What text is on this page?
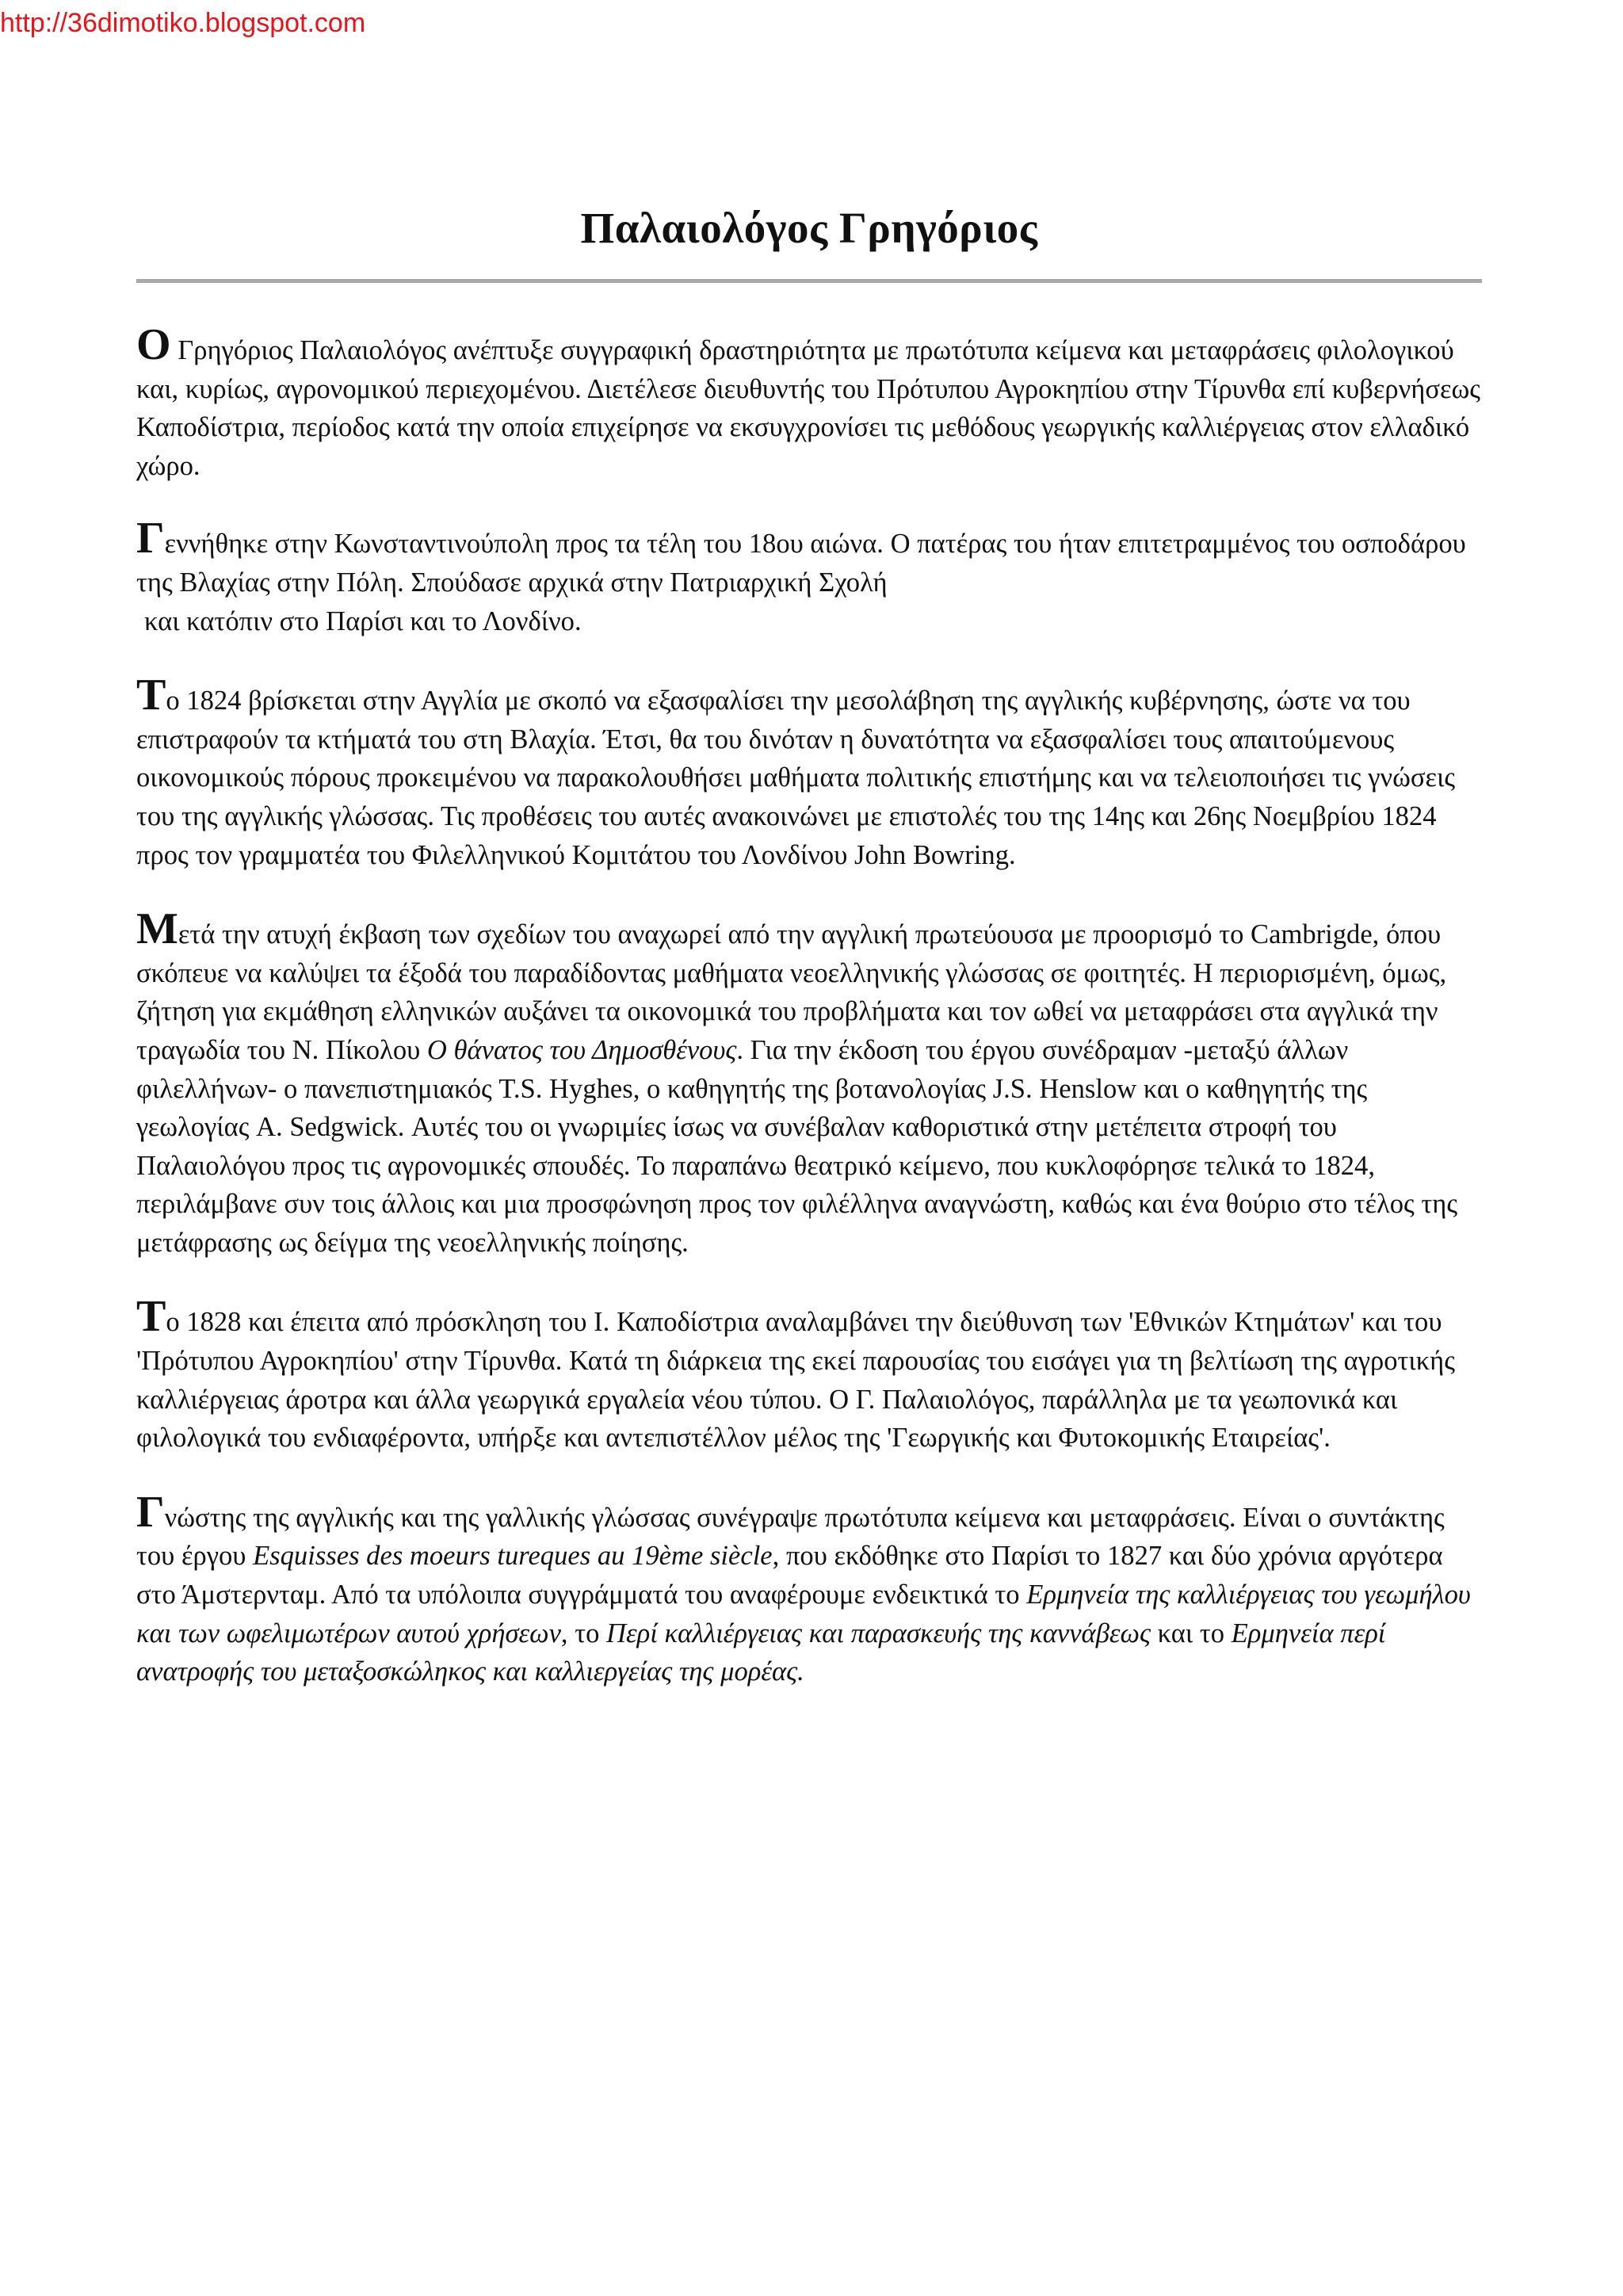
http://36dimotiko.blogspot.com
Παλαιολόγος Γρηγόριος

Ο Γρηγόριος Παλαιολόγος ανέπτυξε συγγραφική δραστηριότητα με πρωτότυπα κείμενα και μεταφράσεις φιλολογικού και, κυρίως, αγρονομικού περιεχομένου. Διετέλεσε διευθυντής του Πρότυπου Αγροκηπίου στην Τίρυνθα επί κυβερνήσεως Καποδίστρια, περίοδος κατά την οποία επιχείρησε να εκσυγχρονίσει τις μεθόδους γεωργικής καλλιέργειας στον ελλαδικό χώρο.

Γεννήθηκε στην Κωνσταντινούπολη προς τα τέλη του 18ου αιώνα. Ο πατέρας του ήταν επιτετραμμένος του οσποδάρου της Βλαχίας στην Πόλη. Σπούδασε αρχικά στην Πατριαρχική Σχολή
και κατόπιν στο Παρίσι και το Λονδίνο.

Το 1824 βρίσκεται στην Αγγλία με σκοπό να εξασφαλίσει την μεσολάβηση της αγγλικής κυβέρνησης, ώστε να του επιστραφούν τα κτήματά του στη Βλαχία. Έτσι, θα του δινόταν η δυνατότητα να εξασφαλίσει τους απαιτούμενους οικονομικούς πόρους προκειμένου να παρακολουθήσει μαθήματα πολιτικής επιστήμης και να τελειοποιήσει τις γνώσεις του της αγγλικής γλώσσας. Τις προθέσεις του αυτές ανακοινώνει με επιστολές του της 14ης και 26ης Νοεμβρίου 1824 προς τον γραμματέα του Φιλελληνικού Κομιτάτου του Λονδίνου John Bowring.

Μετά την ατυχή έκβαση των σχεδίων του αναχωρεί από την αγγλική πρωτεύουσα με προορισμό το Cambrigde, όπου σκόπευε να καλύψει τα έξοδά του παραδίδοντας μαθήματα νεοελληνικής γλώσσας σε φοιτητές. Η περιορισμένη, όμως, ζήτηση για εκμάθηση ελληνικών αυξάνει τα οικονομικά του προβλήματα και τον ωθεί να μεταφράσει στα αγγλικά την τραγωδία του Ν. Πίκολου Ο θάνατος του Δημοσθένους. Για την έκδοση του έργου συνέδραμαν -μεταξύ άλλων φιλελλήνων- ο πανεπιστημιακός T.S. Hyghes, ο καθηγητής της βοτανολογίας J.S. Henslow και ο καθηγητής της γεωλογίας A. Sedgwick. Αυτές του οι γνωριμίες ίσως να συνέβαλαν καθοριστικά στην μετέπειτα στροφή του Παλαιολόγου προς τις αγρονομικές σπουδές. Το παραπάνω θεατρικό κείμενο, που κυκλοφόρησε τελικά το 1824, περιλάμβανε συν τοις άλλοις και μια προσφώνηση προς τον φιλέλληνα αναγνώστη, καθώς και ένα θούριο στο τέλος της μετάφρασης ως δείγμα της νεοελληνικής ποίησης.

Το 1828 και έπειτα από πρόσκληση του Ι. Καποδίστρια αναλαμβάνει την διεύθυνση των 'Εθνικών Κτημάτων' και του 'Πρότυπου Αγροκηπίου' στην Τίρυνθα. Κατά τη διάρκεια της εκεί παρουσίας του εισάγει για τη βελτίωση της αγροτικής καλλιέργειας άροτρα και άλλα γεωργικά εργαλεία νέου τύπου. Ο Γ. Παλαιολόγος, παράλληλα με τα γεωπονικά και φιλολογικά του ενδιαφέροντα, υπήρξε και αντεπιστέλλον μέλος της 'Γεωργικής και Φυτοκομικής Εταιρείας'.

Γνώστης της αγγλικής και της γαλλικής γλώσσας συνέγραψε πρωτότυπα κείμενα και μεταφράσεις. Είναι ο συντάκτης του έργου Esquisses des moeurs tureques au 19ème siècle, που εκδόθηκε στο Παρίσι το 1827 και δύο χρόνια αργότερα στο Άμστερνταμ. Από τα υπόλοιπα συγγράμματά του αναφέρουμε ενδεικτικά το Ερμηνεία της καλλιέργειας του γεωμήλου και των ωφελιμωτέρων αυτού χρήσεων, το Περί καλλιέργειας και παρασκευής της καννάβεως και το Ερμηνεία περί ανατροφής του μεταξοσκώληκος και καλλιεργείας της μορέας.
